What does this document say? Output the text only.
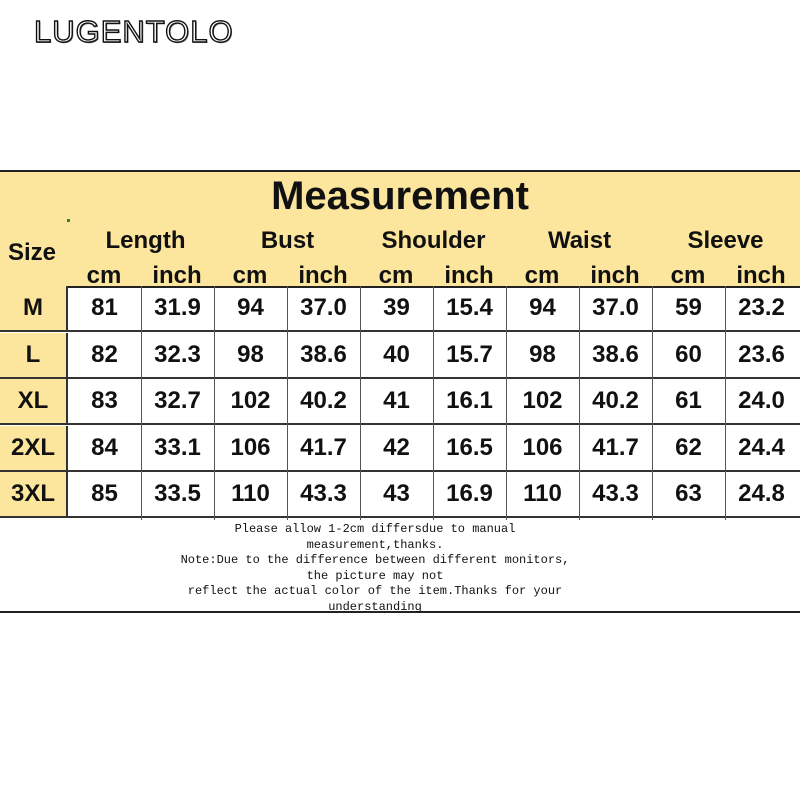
LUGENTOLO
Measurement
Size	Length	Bust	Shoulder	Waist	Sleeve
cm	inch	cm	inch	cm	inch	cm	inch	cm	inch
M	81	31.9	94	37.0	39	15.4	94	37.0	59	23.2
L	82	32.3	98	38.6	40	15.7	98	38.6	60	23.6
XL	83	32.7	102	40.2	41	16.1	102	40.2	61	24.0
2XL	84	33.1	106	41.7	42	16.5	106	41.7	62	24.4
3XL	85	33.5	110	43.3	43	16.9	110	43.3	63	24.8
Please allow 1-2cm differsdue to manual
measurement,thanks.
Note:Due to the difference between different monitors,
the picture may not
reflect the actual color of the item.Thanks for your
understanding
